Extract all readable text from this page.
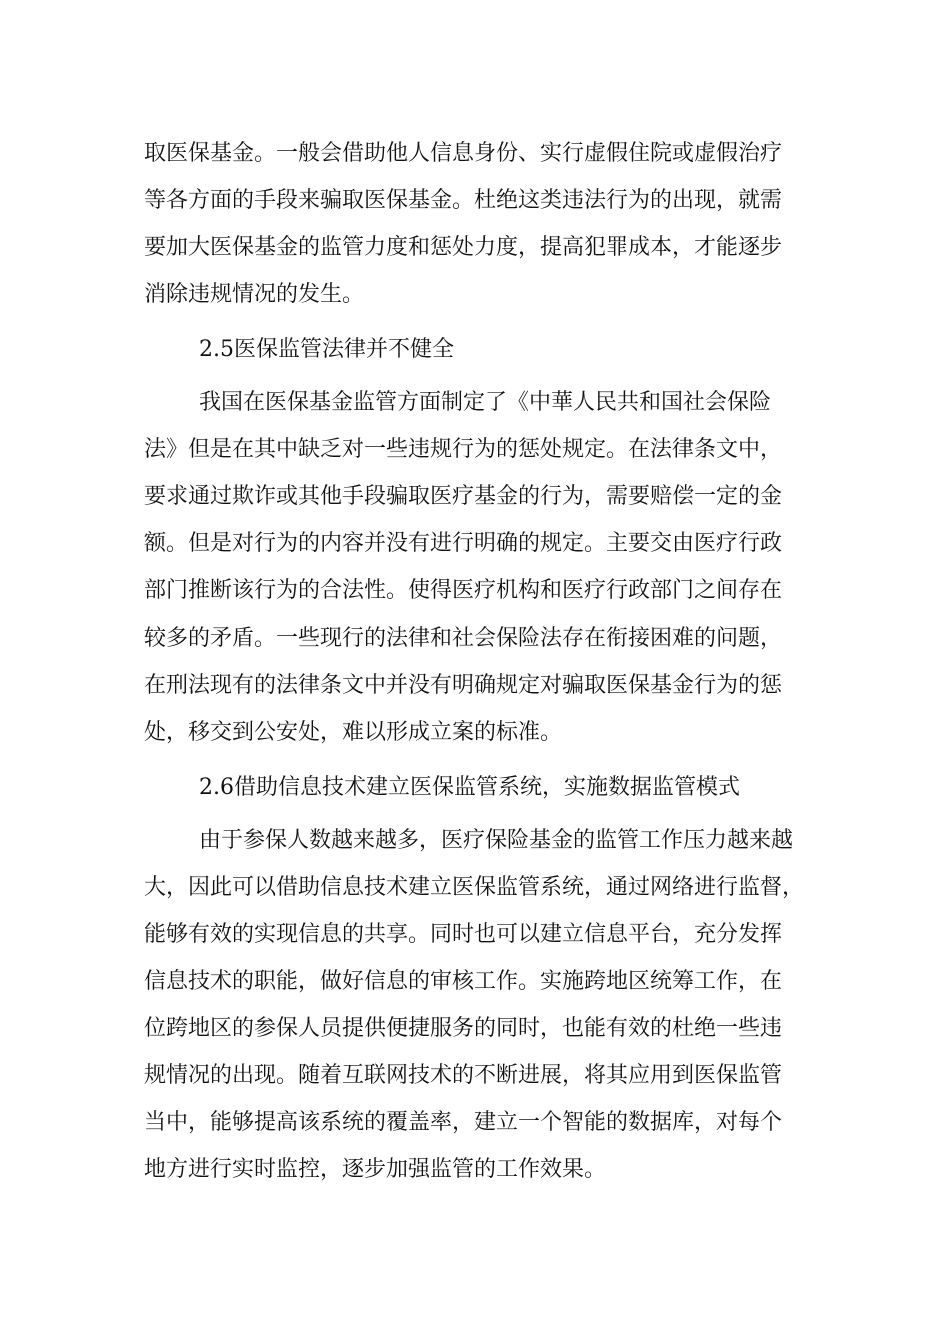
取医保基金。一般会借助他人信息身份、实行虚假住院或虚假治疗

等各方面的手段来骗取医保基金。杜绝这类违法行为的出现，就需

要加大医保基金的监管力度和惩处力度，提高犯罪成本，才能逐步

消除违规情况的发生。

2.5医保监管法律并不健全

我国在医保基金监管方面制定了《中華人民共和国社会保险

法》但是在其中缺乏对一些违规行为的惩处规定。在法律条文中，

要求通过欺诈或其他手段骗取医疗基金的行为，需要赔偿一定的金

额。但是对行为的内容并没有进行明确的规定。主要交由医疗行政

部门推断该行为的合法性。使得医疗机构和医疗行政部门之间存在

较多的矛盾。一些现行的法律和社会保险法存在衔接困难的问题，

在刑法现有的法律条文中并没有明确规定对骗取医保基金行为的惩

处，移交到公安处，难以形成立案的标准。

2.6借助信息技术建立医保监管系统，实施数据监管模式

由于参保人数越来越多，医疗保险基金的监管工作压力越来越

大，因此可以借助信息技术建立医保监管系统，通过网络进行监督，

能够有效的实现信息的共享。同时也可以建立信息平台，充分发挥

信息技术的职能，做好信息的审核工作。实施跨地区统筹工作，在

位跨地区的参保人员提供便捷服务的同时，也能有效的杜绝一些违

规情况的出现。随着互联网技术的不断进展，将其应用到医保监管

当中，能够提高该系统的覆盖率，建立一个智能的数据库，对每个

地方进行实时监控，逐步加强监管的工作效果。
